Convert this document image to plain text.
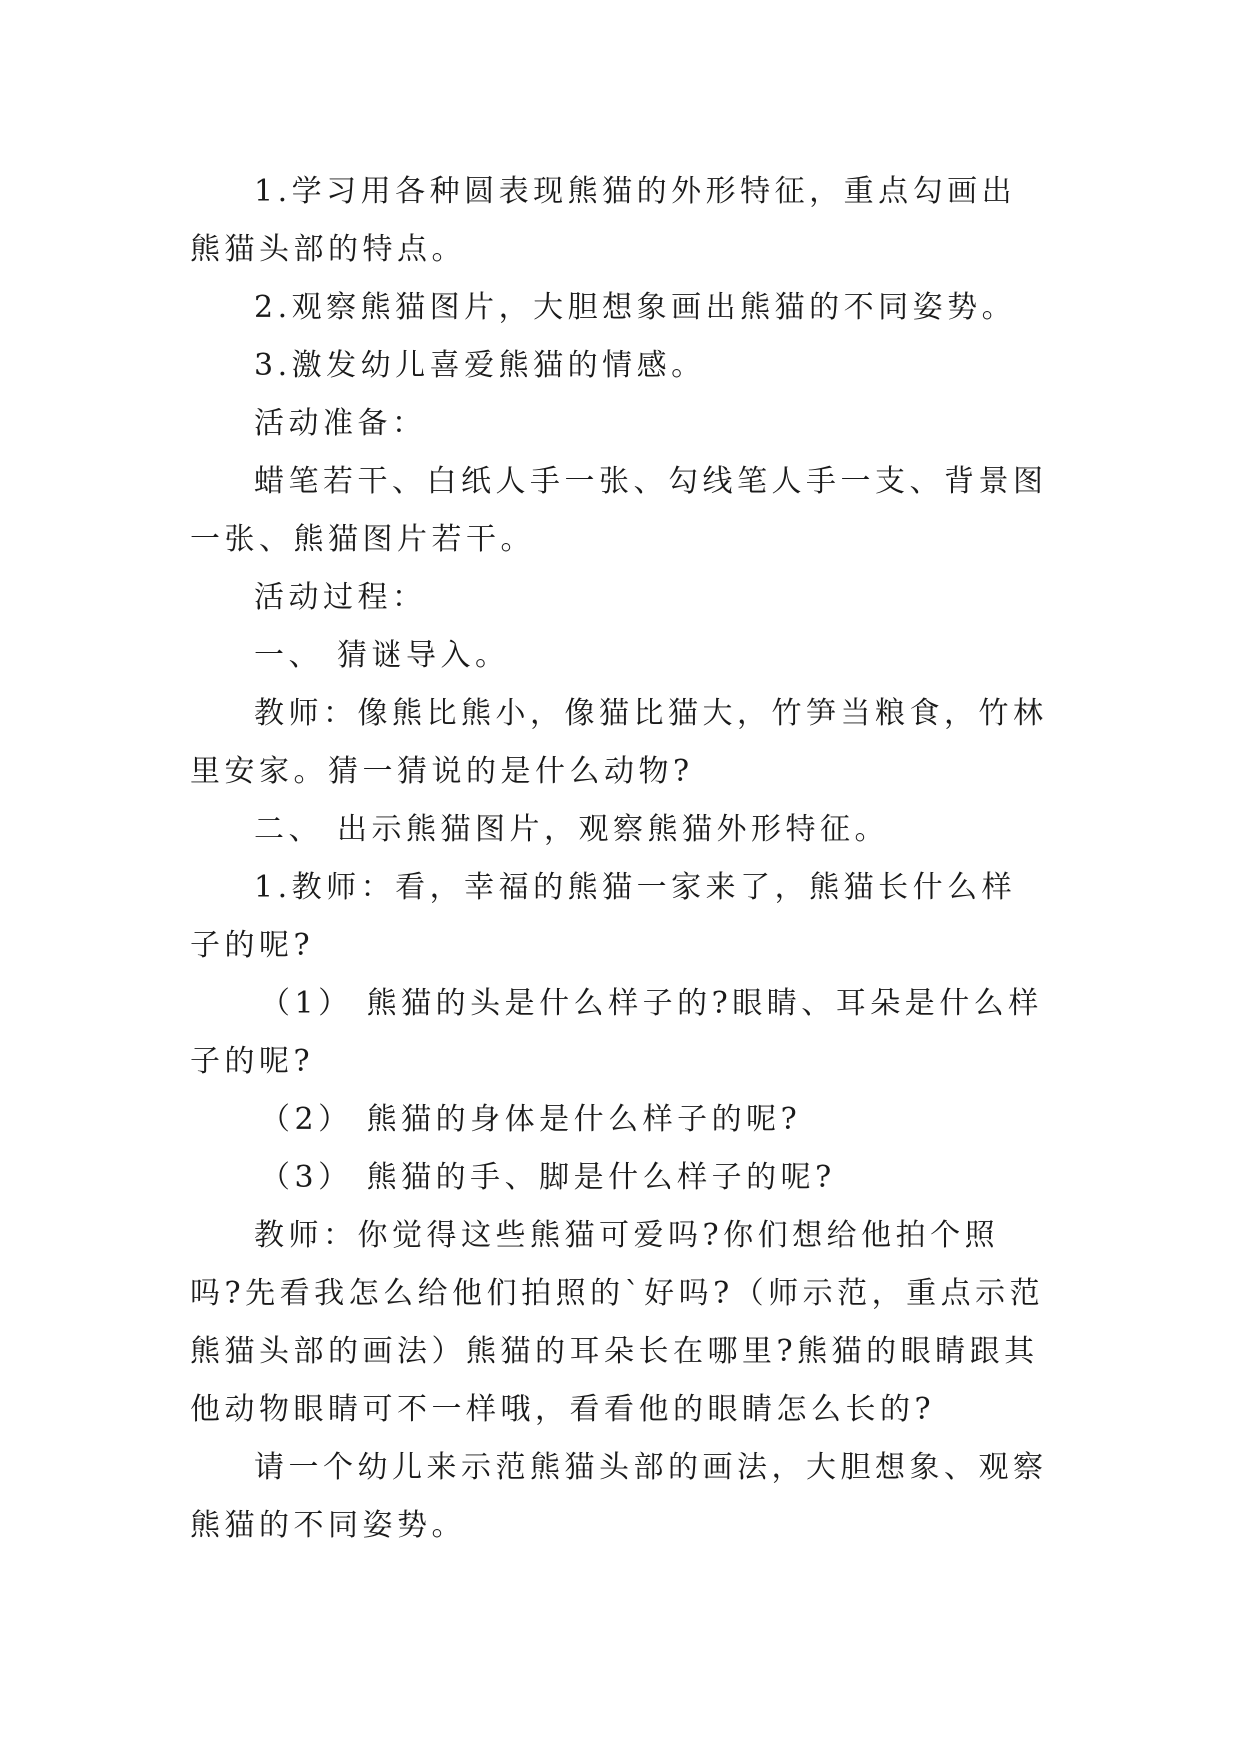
1.学习用各种圆表现熊猫的外形特征，重点勾画出熊猫头部的特点。

2.观察熊猫图片，大胆想象画出熊猫的不同姿势。

3.激发幼儿喜爱熊猫的情感。

活动准备：

蜡笔若干、白纸人手一张、勾线笔人手一支、背景图一张、熊猫图片若干。

活动过程：

一、 猜谜导入。

教师：像熊比熊小，像猫比猫大，竹笋当粮食，竹林里安家。猜一猜说的是什么动物?

二、 出示熊猫图片，观察熊猫外形特征。

1.教师：看，幸福的熊猫一家来了，熊猫长什么样子的呢?

（1） 熊猫的头是什么样子的?眼睛、耳朵是什么样子的呢?

（2） 熊猫的身体是什么样子的呢?

（3） 熊猫的手、脚是什么样子的呢?

教师：你觉得这些熊猫可爱吗?你们想给他拍个照吗?先看我怎么给他们拍照的`好吗?（师示范，重点示范熊猫头部的画法）熊猫的耳朵长在哪里?熊猫的眼睛跟其他动物眼睛可不一样哦，看看他的眼睛怎么长的?

请一个幼儿来示范熊猫头部的画法，大胆想象、观察熊猫的不同姿势。
